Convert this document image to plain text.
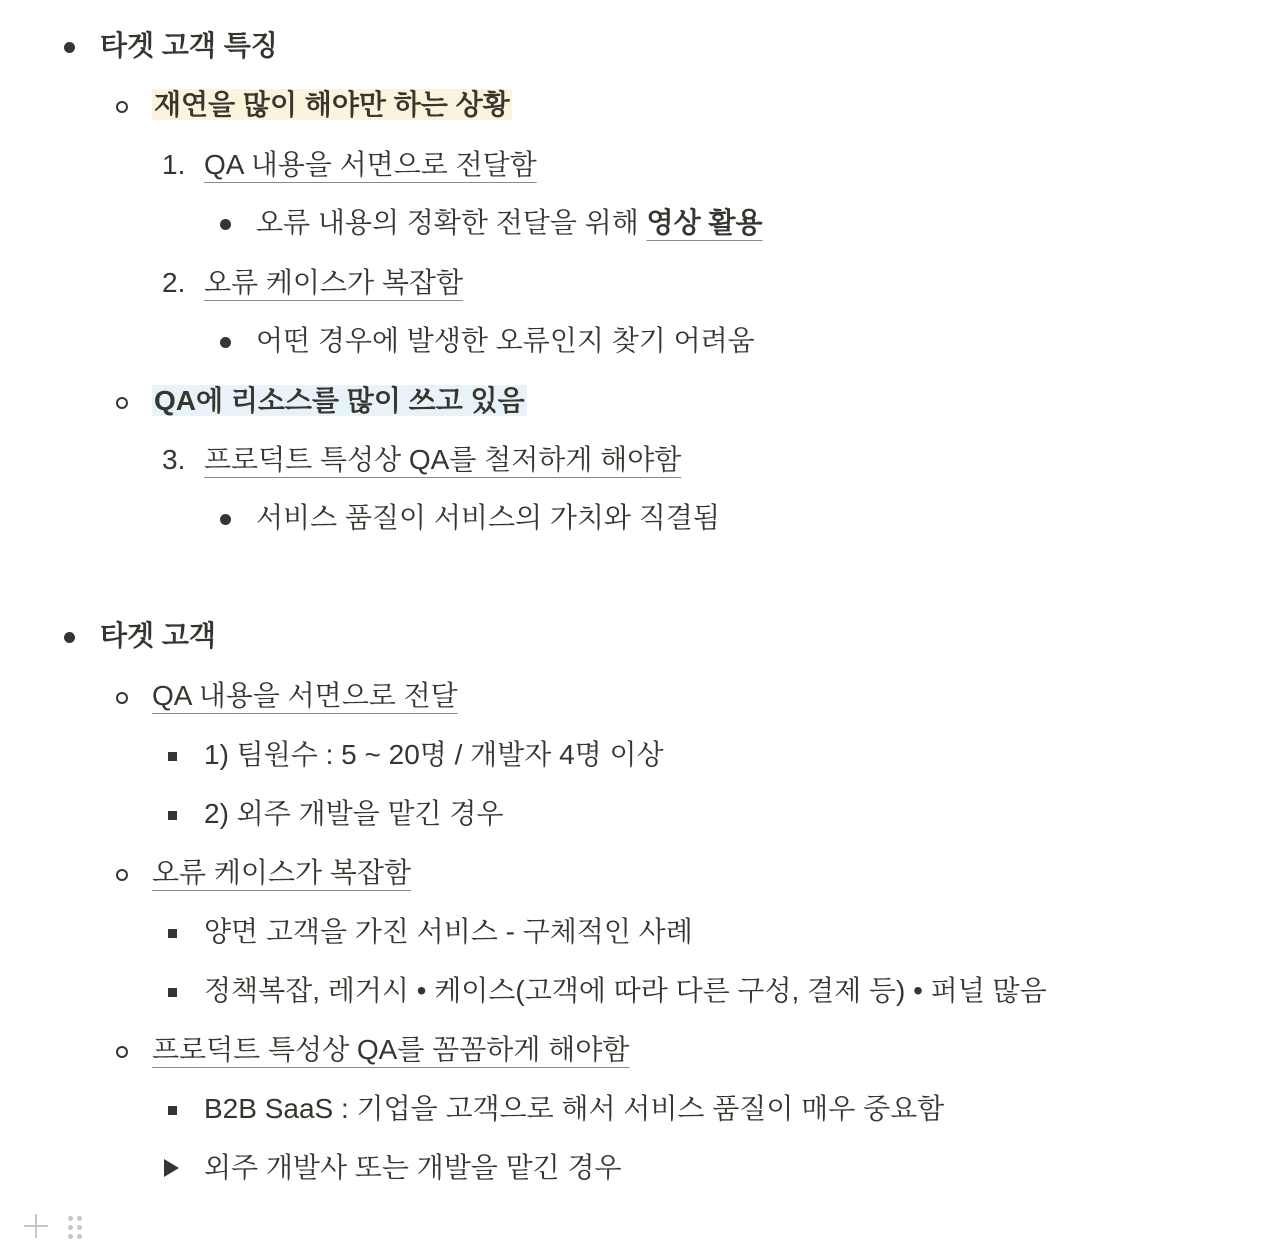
타겟 고객 특징
재연을 많이 해야만 하는 상황
1. QA 내용을 서면으로 전달함
오류 내용의 정확한 전달을 위해 영상 활용
2. 오류 케이스가 복잡함
어떤 경우에 발생한 오류인지 찾기 어려움
QA에 리소스를 많이 쓰고 있음
3. 프로덕트 특성상 QA를 철저하게 해야함
서비스 품질이 서비스의 가치와 직결됨
타겟 고객
QA 내용을 서면으로 전달
1) 팀원수 : 5 ~ 20명 / 개발자 4명 이상
2) 외주 개발을 맡긴 경우
오류 케이스가 복잡함
양면 고객을 가진 서비스 - 구체적인 사례
정책복잡, 레거시 • 케이스(고객에 따라 다른 구성, 결제 등) • 퍼널 많음
프로덕트 특성상 QA를 꼼꼼하게 해야함
B2B SaaS : 기업을 고객으로 해서 서비스 품질이 매우 중요함
외주 개발사 또는 개발을 맡긴 경우
